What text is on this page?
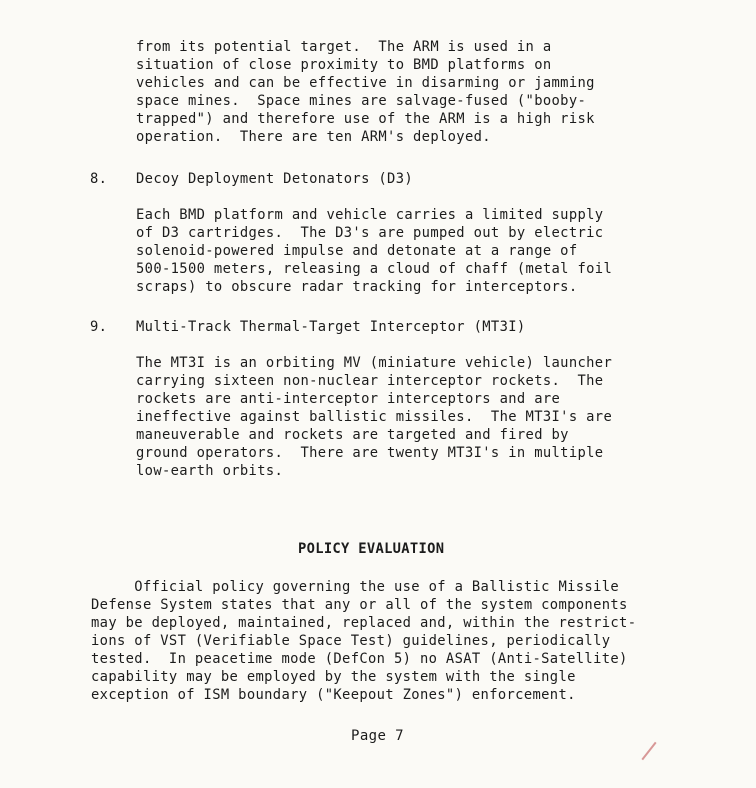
from its potential target.  The ARM is used in a
situation of close proximity to BMD platforms on
vehicles and can be effective in disarming or jamming
space mines.  Space mines are salvage-fused ("booby-
trapped") and therefore use of the ARM is a high risk
operation.  There are ten ARM's deployed.
8. Decoy Deployment Detonators (D3)
Each BMD platform and vehicle carries a limited supply
of D3 cartridges.  The D3's are pumped out by electric
solenoid-powered impulse and detonate at a range of
500-1500 meters, releasing a cloud of chaff (metal foil
scraps) to obscure radar tracking for interceptors.
9. Multi-Track Thermal-Target Interceptor (MT3I)
The MT3I is an orbiting MV (miniature vehicle) launcher
carrying sixteen non-nuclear interceptor rockets.  The
rockets are anti-interceptor interceptors and are
ineffective against ballistic missiles.  The MT3I's are
maneuverable and rockets are targeted and fired by
ground operators.  There are twenty MT3I's in multiple
low-earth orbits.
POLICY EVALUATION
Official policy governing the use of a Ballistic Missile
Defense System states that any or all of the system components
may be deployed, maintained, replaced and, within the restrict-
ions of VST (Verifiable Space Test) guidelines, periodically
tested.  In peacetime mode (DefCon 5) no ASAT (Anti-Satellite)
capability may be employed by the system with the single
exception of ISM boundary ("Keepout Zones") enforcement.
Page 7
